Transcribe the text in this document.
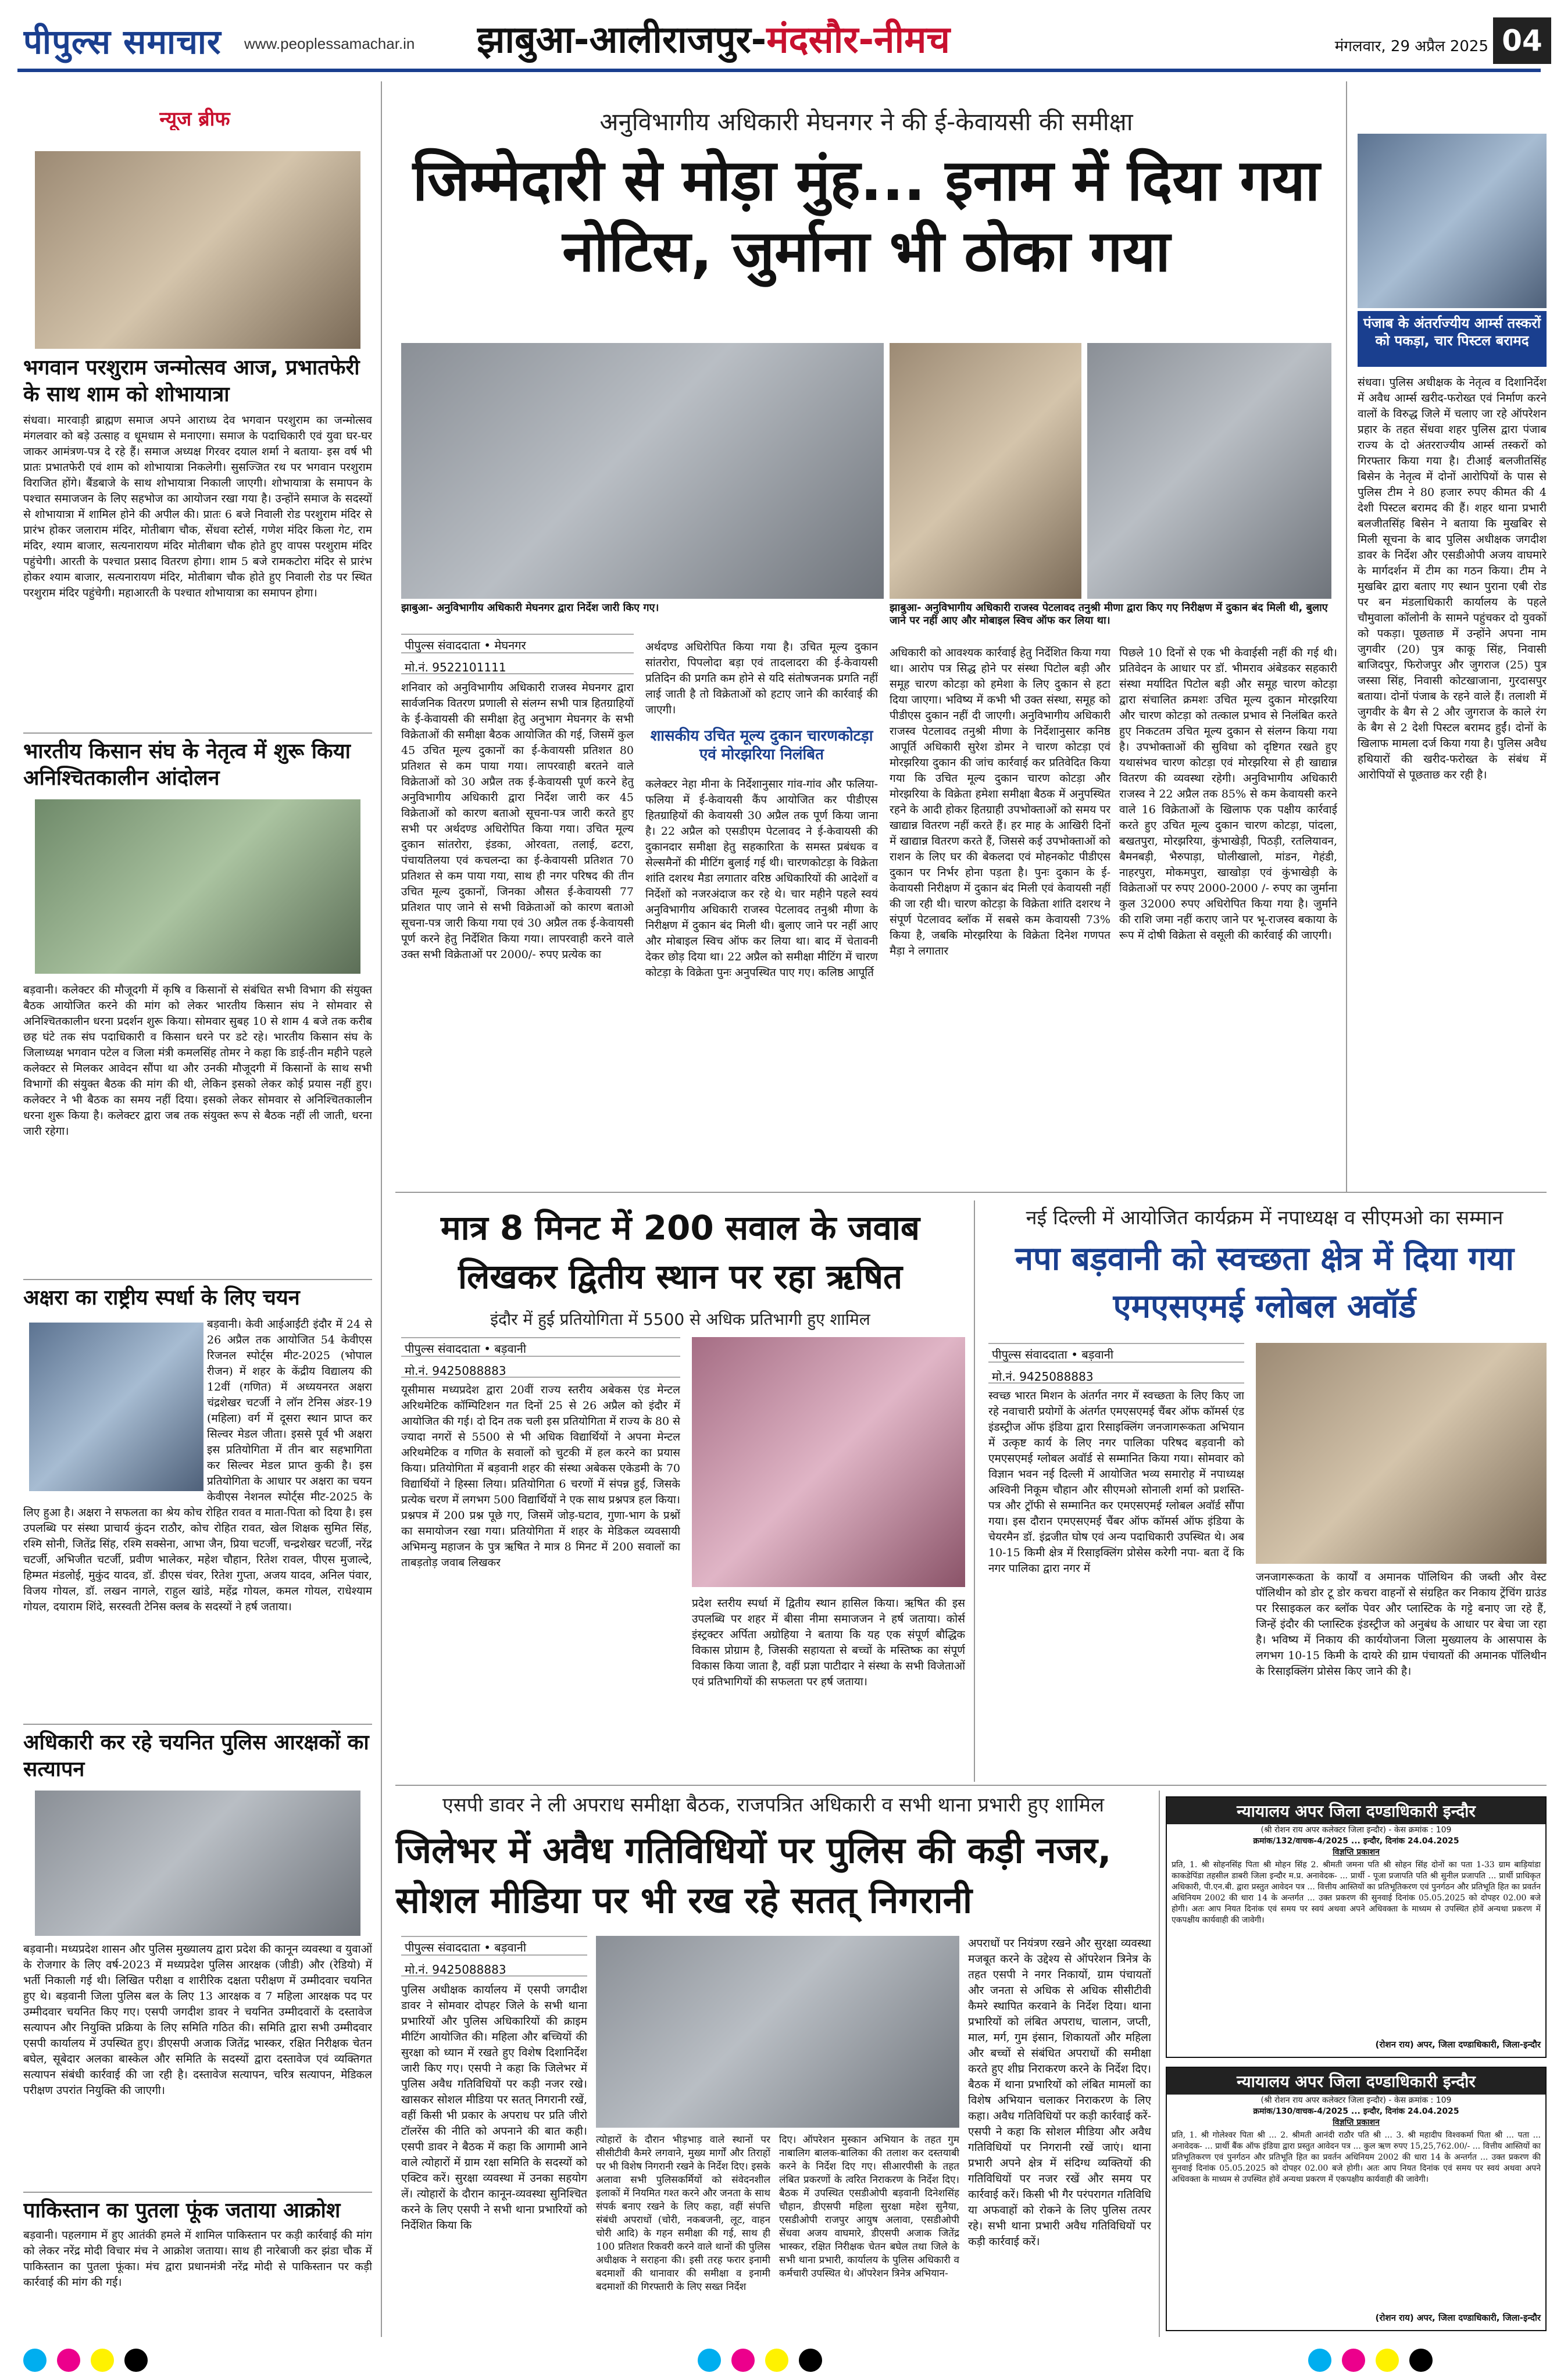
पीपुल्स समाचार	www.peoplessamachar.in झाबुआ-आलीराजपुर-मंदसौर-नीमच	मंगलवार, 29 अप्रैल 2025 04
न्यूज ब्रीफ
भगवान परशुराम जन्मोत्सव आज, प्रभातफेरी के साथ शाम को शोभायात्रा
संधवा। मारवाड़ी ब्राह्मण समाज अपने आराध्य देव भगवान परशुराम का जन्मोत्सव मंगलवार को बड़े उत्साह व धूमधाम से मनाएगा। समाज के पदाधिकारी एवं युवा घर-घर जाकर आमंत्रण-पत्र दे रहे हैं। समाज अध्यक्ष गिरवर दयाल शर्मा ने बताया- इस वर्ष भी प्रातः प्रभातफेरी एवं शाम को शोभायात्रा निकलेगी। सुसज्जित रथ पर भगवान परशुराम विराजित होंगे। बैंडबाजे के साथ शोभायात्रा निकाली जाएगी। शोभायात्रा के समापन के पश्चात समाजजन के लिए सहभोज का आयोजन रखा गया है। उन्होंने समाज के सदस्यों से शोभायात्रा में शामिल होने की अपील की। प्रातः 6 बजे निवाली रोड परशुराम मंदिर से प्रारंभ होकर जलाराम मंदिर, मोतीबाग चौक, सेंधवा स्टोर्स, गणेश मंदिर किला गेट, राम मंदिर, श्याम बाजार, सत्यनारायण मंदिर मोतीबाग चौक होते हुए वापस परशुराम मंदिर पहुंचेगी। आरती के पश्चात प्रसाद वितरण होगा। शाम 5 बजे रामकटोरा मंदिर से प्रारंभ होकर श्याम बाजार, सत्यनारायण मंदिर, मोतीबाग चौक होते हुए निवाली रोड पर स्थित परशुराम मंदिर पहुंचेगी। महाआरती के पश्चात शोभायात्रा का समापन होगा।
भारतीय किसान संघ के नेतृत्व में शुरू किया अनिश्चितकालीन आंदोलन
बड़वानी। कलेक्टर की मौजूदगी में कृषि व किसानों से संबंधित सभी विभाग की संयुक्त बैठक आयोजित करने की मांग को लेकर भारतीय किसान संघ ने सोमवार से अनिश्चितकालीन धरना प्रदर्शन शुरू किया। सोमवार सुबह 10 से शाम 4 बजे तक करीब छह घंटे तक संघ पदाधिकारी व किसान धरने पर डटे रहे। भारतीय किसान संघ के जिलाध्यक्ष भगवान पटेल व जिला मंत्री कमलसिंह तोमर ने कहा कि डाई-तीन महीने पहले कलेक्टर से मिलकर आवेदन सौंपा था और उनकी मौजूदगी में किसानों के साथ सभी विभागों की संयुक्त बैठक की मांग की थी, लेकिन इसको लेकर कोई प्रयास नहीं हुए। कलेक्टर ने भी बैठक का समय नहीं दिया। इसको लेकर सोमवार से अनिश्चितकालीन धरना शुरू किया है। कलेक्टर द्वारा जब तक संयुक्त रूप से बैठक नहीं ली जाती, धरना जारी रहेगा।
अक्षरा का राष्ट्रीय स्पर्धा के लिए चयन
बड़वानी। केवी आईआईटी इंदौर में 24 से 26 अप्रैल तक आयोजित 54 केवीएस रिजनल स्पोर्ट्स मीट-2025 (भोपाल रीजन) में शहर के केंद्रीय विद्यालय की 12वीं (गणित) में अध्ययनरत अक्षरा चंद्रशेखर चटर्जी ने लॉन टेनिस अंडर-19 (महिला) वर्ग में दूसरा स्थान प्राप्त कर सिल्वर मेडल जीता। इससे पूर्व भी अक्षरा इस प्रतियोगिता में तीन बार सहभागिता कर सिल्वर मेडल प्राप्त कुकी है। इस प्रतियोगिता के आधार पर अक्षरा का चयन केवीएस नेशनल स्पोर्ट्स मीट-2025 के लिए हुआ है। अक्षरा ने सफलता का श्रेय कोच रोहित रावत व माता-पिता को दिया है। इस उपलब्धि पर संस्था प्राचार्य कुंदन राठौर, कोच रोहित रावत, खेल शिक्षक सुमित सिंह, रश्मि सोनी, जितेंद्र सिंह, रश्मि सक्सेना, आभा जैन, प्रिया चटर्जी, चन्द्रशेखर चटर्जी, नरेंद्र चटर्जी, अभिजीत चटर्जी, प्रवीण भालेकर, महेश चौहान, रितेश रावल, पीएस मुजाल्दे, हिम्मत मंडलोई, मुकुंद यादव, डॉ. डीएस चंवर, रितेश गुप्ता, अजय यादव, अनिल पंवार, विजय गोयल, डॉ. लखन नागले, राहुल खांडे, महेंद्र गोयल, कमल गोयल, राधेश्याम गोयल, दयाराम शिंदे, सरस्वती टेनिस क्लब के सदस्यों ने हर्ष जताया।
अधिकारी कर रहे चयनित पुलिस आरक्षकों का सत्यापन
बड़वानी। मध्यप्रदेश शासन और पुलिस मुख्यालय द्वारा प्रदेश की कानून व्यवस्था व युवाओं के रोजगार के लिए वर्ष-2023 में मध्यप्रदेश पुलिस आरक्षक (जीडी) और (रेडियो) में भर्ती निकाली गई थी। लिखित परीक्षा व शारीरिक दक्षता परीक्षण में उम्मीदवार चयनित हुए थे। बड़वानी जिला पुलिस बल के लिए 13 आरक्षक व 7 महिला आरक्षक पद पर उम्मीदवार चयनित किए गए। एसपी जगदीश डावर ने चयनित उम्मीदवारों के दस्तावेज सत्यापन और नियुक्ति प्रक्रिया के लिए समिति गठित की। समिति द्वारा सभी उम्मीदवार एसपी कार्यालय में उपस्थित हुए। डीएसपी अजाक जितेंद्र भास्कर, रक्षित निरीक्षक चेतन बघेल, सूबेदार अलका बास्केल और समिति के सदस्यों द्वारा दस्तावेज एवं व्यक्तिगत सत्यापन संबंधी कार्रवाई की जा रही है। दस्तावेज सत्यापन, चरित्र सत्यापन, मेडिकल परीक्षण उपरांत नियुक्ति की जाएगी।
पाकिस्तान का पुतला फूंक जताया आक्रोश
बड़वानी। पहलगाम में हुए आतंकी हमले में शामिल पाकिस्तान पर कड़ी कार्रवाई की मांग को लेकर नरेंद्र मोदी विचार मंच ने आक्रोश जताया। साथ ही नारेबाजी कर झंडा चौक में पाकिस्तान का पुतला फूंका। मंच द्वारा प्रधानमंत्री नरेंद्र मोदी से पाकिस्तान पर कड़ी कार्रवाई की मांग की गई।
अनुविभागीय अधिकारी मेघनगर ने की ई-केवायसी की समीक्षा
जिम्मेदारी से मोड़ा मुंह... इनाम में दिया गया नोटिस, जुर्माना भी ठोका गया
झाबुआ- अनुविभागीय अधिकारी मेघनगर द्वारा निर्देश जारी किए गए।	झाबुआ- अनुविभागीय अधिकारी राजस्व पेटलावद तनुश्री मीणा द्वारा किए गए निरीक्षण में दुकान बंद मिली थी, बुलाए जाने पर नहीं आए और मोबाइल स्विच ऑफ कर लिया था।
पीपुल्स संवाददाता • मेघनगर
मो.नं. 9522101111
शनिवार को अनुविभागीय अधिकारी राजस्व मेघनगर द्वारा सार्वजनिक वितरण प्रणाली से संलग्न सभी पात्र हितग्राहियों के ई-केवायसी की समीक्षा हेतु अनुभाग मेघनगर के सभी विक्रेताओं की समीक्षा बैठक आयोजित की गई, जिसमें कुल 45 उचित मूल्य दुकानों का ई-केवायसी प्रतिशत 80 प्रतिशत से कम पाया गया। लापरवाही बरतने वाले विक्रेताओं को 30 अप्रैल तक ई-केवायसी पूर्ण करने हेतु अनुविभागीय अधिकारी द्वारा निर्देश जारी कर 45 विक्रेताओं को कारण बताओ सूचना-पत्र जारी करते हुए सभी पर अर्थदण्ड अधिरोपित किया गया। उचित मूल्य दुकान सांतरोरा, इंडका, ओरवता, तलाई, ढटरा, पंचायतिलया एवं कचलन्दा का ई-केवायसी प्रतिशत 70 प्रतिशत से कम पाया गया, साथ ही नगर परिषद की तीन उचित मूल्य दुकानों, जिनका औसत ई-केवायसी 77 प्रतिशत पाए जाने से सभी विक्रेताओं को कारण बताओ सूचना-पत्र जारी किया गया एवं 30 अप्रैल तक ई-केवायसी पूर्ण करने हेतु निर्देशित किया गया। लापरवाही करने वाले उक्त सभी विक्रेताओं पर 2000/- रुपए प्रत्येक का
अर्थदण्ड अधिरोपित किया गया है। उचित मूल्य दुकान सांतरोरा, पिपलोदा बड़ा एवं तादलादरा की ई-केवायसी प्रतिदिन की प्रगति कम होने से यदि संतोषजनक प्रगति नहीं लाई जाती है तो विक्रेताओं को हटाए जाने की कार्रवाई की जाएगी।
शासकीय उचित मूल्य दुकान चारणकोटड़ा एवं मोरझरिया निलंबित
कलेक्टर नेहा मीना के निर्देशानुसार गांव-गांव और फलिया-फलिया में ई-केवायसी कैंप आयोजित कर पीडीएस हितग्राहियों की केवायसी 30 अप्रैल तक पूर्ण किया जाना है। 22 अप्रैल को एसडीएम पेटलावद ने ई-केवायसी की दुकानदार समीक्षा हेतु सहकारिता के समस्त प्रबंधक व सेल्समैनों की मीटिंग बुलाई गई थी। चारणकोटड़ा के विक्रेता शांति दशरथ मैडा लगातार वरिष्ठ अधिकारियों की आदेशों व निर्देशों को नजरअंदाज कर रहे थे। चार महीने पहले स्वयं अनुविभागीय अधिकारी राजस्व पेटलावद तनुश्री मीणा के निरीक्षण में दुकान बंद मिली थी। बुलाए जाने पर नहीं आए और मोबाइल स्विच ऑफ कर लिया था। बाद में चेतावनी देकर छोड़ दिया था। 22 अप्रैल को समीक्षा मीटिंग में चारण कोटड़ा के विक्रेता पुनः अनुपस्थित पाए गए। कलिष्ठ आपूर्ति
अधिकारी को आवश्यक कार्रवाई हेतु निर्देशित किया गया था। आरोप पत्र सिद्ध होने पर संस्था पिटोल बड़ी और समूह चारण कोटड़ा को हमेशा के लिए दुकान से हटा दिया जाएगा। भविष्य में कभी भी उक्त संस्था, समूह को पीडीएस दुकान नहीं दी जाएगी। अनुविभागीय अधिकारी राजस्व पेटलावद तनुश्री मीणा के निर्देशानुसार कनिष्ठ आपूर्ति अधिकारी सुरेश डोमर ने चारण कोटड़ा एवं मोरझरिया दुकान की जांच कार्रवाई कर प्रतिवेदित किया गया कि उचित मूल्य दुकान चारण कोटड़ा और मोरझरिया के विक्रेता हमेशा समीक्षा बैठक में अनुपस्थित रहने के आदी होकर हितग्राही उपभोक्ताओं को समय पर खाद्यान्न वितरण नहीं करते हैं। हर माह के आखिरी दिनों में खाद्यान्न वितरण करते हैं, जिससे कई उपभोक्ताओं को राशन के लिए घर की बेकलदा एवं मोहनकोट पीडीएस दुकान पर निर्भर होना पड़ता है। पुनः दुकान के ई-केवायसी निरीक्षण में दुकान बंद मिली एवं केवायसी नहीं की जा रही थी। चारण कोटड़ा के विक्रेता शांति दशरथ ने संपूर्ण पेटलावद ब्लॉक में सबसे कम केवायसी 73% किया है, जबकि मोरझरिया के विक्रेता दिनेश गणपत मैड़ा ने लगातार
पिछले 10 दिनों से एक भी केवाईसी नहीं की गई थी। प्रतिवेदन के आधार पर डॉ. भीमराव अंबेडकर सहकारी संस्था मर्यादित पिटोल बड़ी और समूह चारण कोटड़ा द्वारा संचालित क्रमशः उचित मूल्य दुकान मोरझरिया और चारण कोटड़ा को तत्काल प्रभाव से निलंबित करते हुए निकटतम उचित मूल्य दुकान से संलग्न किया गया है। उपभोक्ताओं की सुविधा को दृष्टिगत रखते हुए यथासंभव चारण कोटड़ा एवं मोरझरिया से ही खाद्यान्न वितरण की व्यवस्था रहेगी। अनुविभागीय अधिकारी राजस्व ने 22 अप्रैल तक 85% से कम केवायसी करने वाले 16 विक्रेताओं के खिलाफ एक पक्षीय कार्रवाई करते हुए उचित मूल्य दुकान चारण कोटड़ा, पांदला, बखतपुरा, मोरझरिया, कुंभाखेड़ी, पिठड़ी, रतलियावन, बैमनबड़ी, भैरुपाड़ा, घोलीखालो, मांडन, गेहंडी, नाहरपुरा, मोकमपुरा, खाखोड़ा एवं कुंभाखेड़ी के विक्रेताओं पर रुपए 2000-2000 /- रुपए का जुर्माना कुल 32000 रुपए अधिरोपित किया गया है। जुर्माने की राशि जमा नहीं कराए जाने पर भू-राजस्व बकाया के रूप में दोषी विक्रेता से वसूली की कार्रवाई की जाएगी।
पंजाब के अंतर्राज्यीय आर्म्स तस्करों को पकड़ा, चार पिस्टल बरामद
संधवा। पुलिस अधीक्षक के नेतृत्व व दिशानिर्देश में अवैध आर्म्स खरीद-फरोख्त एवं निर्माण करने वालों के विरुद्ध जिले में चलाए जा रहे ऑपरेशन प्रहार के तहत सेंधवा शहर पुलिस द्वारा पंजाब राज्य के दो अंतरराज्यीय आर्म्स तस्करों को गिरफ्तार किया गया है। टीआई बलजीतसिंह बिसेन के नेतृत्व में दोनों आरोपियों के पास से पुलिस टीम ने 80 हजार रुपए कीमत की 4 देशी पिस्टल बरामद की हैं। शहर थाना प्रभारी बलजीतसिंह बिसेन ने बताया कि मुखबिर से मिली सूचना के बाद पुलिस अधीक्षक जगदीश डावर के निर्देश और एसडीओपी अजय वाघमारे के मार्गदर्शन में टीम का गठन किया। टीम ने मुखबिर द्वारा बताए गए स्थान पुराना एबी रोड पर बन मंडलाधिकारी कार्यालय के पहले चौमुवाला कॉलोनी के सामने पहुंचकर दो युवकों को पकड़ा। पूछताछ में उन्होंने अपना नाम जुगवीर (20) पुत्र काकू सिंह, निवासी बाजिदपुर, फिरोजपुर और जुगराज (25) पुत्र जस्सा सिंह, निवासी कोटखाजाना, गुरदासपुर बताया। दोनों पंजाब के रहने वाले हैं। तलाशी में जुगवीर के बैग से 2 और जुगराज के काले रंग के बैग से 2 देशी पिस्टल बरामद हुईं। दोनों के खिलाफ मामला दर्ज किया गया है। पुलिस अवैध हथियारों की खरीद-फरोख्त के संबंध में आरोपियों से पूछताछ कर रही है।
मात्र 8 मिनट में 200 सवाल के जवाब लिखकर द्वितीय स्थान पर रहा ऋषित
इंदौर में हुई प्रतियोगिता में 5500 से अधिक प्रतिभागी हुए शामिल
पीपुल्स संवाददाता • बड़वानी
मो.नं. 9425088883
यूसीमास मध्यप्रदेश द्वारा 20वीं राज्य स्तरीय अबेकस एंड मेन्टल अरिथमेटिक कॉम्पिटिशन गत दिनों 25 से 26 अप्रैल को इंदौर में आयोजित की गई। दो दिन तक चली इस प्रतियोगिता में राज्य के 80 से ज्यादा नगरों से 5500 से भी अधिक विद्यार्थियों ने अपना मेन्टल अरिथमेटिक व गणित के सवालों को चुटकी में हल करने का प्रयास किया। प्रतियोगिता में बड़वानी शहर की संस्था अबेकस एकेडमी के 70 विद्यार्थियों ने हिस्सा लिया। प्रतियोगिता 6 चरणों में संपन्न हुई, जिसके प्रत्येक चरण में लगभग 500 विद्यार्थियों ने एक साथ प्रश्नपत्र हल किया। प्रश्नपत्र में 200 प्रश्न पूछे गए, जिसमें जोड़-घटाव, गुणा-भाग के प्रश्नों का समायोजन रखा गया। प्रतियोगिता में शहर के मेडिकल व्यवसायी अभिमन्यु महाजन के पुत्र ऋषित ने मात्र 8 मिनट में 200 सवालों का ताबड़तोड़ जवाब लिखकर
प्रदेश स्तरीय स्पर्धा में द्वितीय स्थान हासिल किया। ऋषित की इस उपलब्धि पर शहर में बीसा नीमा समाजजन ने हर्ष जताया। कोर्स इंस्ट्रक्टर अर्पिता अग्रोहिया ने बताया कि यह एक संपूर्ण बौद्धिक विकास प्रोग्राम है, जिसकी सहायता से बच्चों के मस्तिष्क का संपूर्ण विकास किया जाता है, वहीं प्रज्ञा पाटीदार ने संस्था के सभी विजेताओं एवं प्रतिभागियों की सफलता पर हर्ष जताया।
नई दिल्ली में आयोजित कार्यक्रम में नपाध्यक्ष व सीएमओ का सम्मान
नपा बड़वानी को स्वच्छता क्षेत्र में दिया गया एमएसएमई ग्लोबल अवॉर्ड
पीपुल्स संवाददाता • बड़वानी
मो.नं. 9425088883
स्वच्छ भारत मिशन के अंतर्गत नगर में स्वच्छता के लिए किए जा रहे नवाचारी प्रयोगों के अंतर्गत एमएसएमई चैंबर ऑफ कॉमर्स एंड इंडस्ट्रीज ऑफ इंडिया द्वारा रिसाइक्लिंग जनजागरूकता अभियान में उत्कृष्ट कार्य के लिए नगर पालिका परिषद बड़वानी को एमएसएमई ग्लोबल अवॉर्ड से सम्मानित किया गया। सोमवार को विज्ञान भवन नई दिल्ली में आयोजित भव्य समारोह में नपाध्यक्ष अश्विनी निकूम चौहान और सीएमओ सोनाली शर्मा को प्रशस्ति-पत्र और ट्रॉफी से सम्मानित कर एमएसएमई ग्लोबल अवॉर्ड सौंपा गया। इस दौरान एमएसएमई चैंबर ऑफ कॉमर्स ऑफ इंडिया के चेयरमैन डॉ. इंद्रजीत घोष एवं अन्य पदाधिकारी उपस्थित थे। अब 10-15 किमी क्षेत्र में रिसाइक्लिंग प्रोसेस करेगी नपा- बता दें कि नगर पालिका द्वारा नगर में
जनजागरूकता के कार्यों व अमानक पॉलिथिन की जब्ती और वेस्ट पॉलिथीन को डोर टू डोर कचरा वाहनों से संग्रहित कर निकाय ट्रेंचिंग ग्राउंड पर रिसाइकल कर ब्लॉक पेवर और प्लास्टिक के गट्टे बनाए जा रहे हैं, जिन्हें इंदौर की प्लास्टिक इंडस्ट्रीज को अनुबंध के आधार पर बेचा जा रहा है। भविष्य में निकाय की कार्ययोजना जिला मुख्यालय के आसपास के लगभग 10-15 किमी के दायरे की ग्राम पंचायतों की अमानक पॉलिथीन के रिसाइक्लिंग प्रोसेस किए जाने की है।
एसपी डावर ने ली अपराध समीक्षा बैठक, राजपत्रित अधिकारी व सभी थाना प्रभारी हुए शामिल
जिलेभर में अवैध गतिविधियों पर पुलिस की कड़ी नजर, सोशल मीडिया पर भी रख रहे सतत् निगरानी
पीपुल्स संवाददाता • बड़वानी
मो.नं. 9425088883
पुलिस अधीक्षक कार्यालय में एसपी जगदीश डावर ने सोमवार दोपहर जिले के सभी थाना प्रभारियों और पुलिस अधिकारियों की क्राइम मीटिंग आयोजित की। महिला और बच्चियों की सुरक्षा को ध्यान में रखते हुए विशेष दिशानिर्देश जारी किए गए। एसपी ने कहा कि जिलेभर में पुलिस अवैध गतिविधियों पर कड़ी नजर रखे। खासकर सोशल मीडिया पर सतत् निगरानी रखें, वहीं किसी भी प्रकार के अपराध पर प्रति जीरो टॉलरेंस की नीति को अपनाने की बात कही। एसपी डावर ने बैठक में कहा कि आगामी आने वाले त्योहारों में ग्राम रक्षा समिति के सदस्यों को एक्टिव करें। सुरक्षा व्यवस्था में उनका सहयोग लें। त्योहारों के दौरान कानून-व्यवस्था सुनिश्चित करने के लिए एसपी ने सभी थाना प्रभारियों को निर्देशित किया कि
त्योहारों के दौरान भीड़भाड़ वाले स्थानों पर सीसीटीवी कैमरे लगवाने, मुख्य मार्गों और तिराहों पर भी विशेष निगरानी रखने के निर्देश दिए। इसके अलावा सभी पुलिसकर्मियों को संवेदनशील इलाकों में नियमित गश्त करने और जनता के साथ संपर्क बनाए रखने के लिए कहा, वहीं संपत्ति संबंधी अपराधों (चोरी, नकबजनी, लूट, वाहन चोरी आदि) के गहन समीक्षा की गई, साथ ही 100 प्रतिशत रिकवरी करने वाले थानों की पुलिस अधीक्षक ने सराहना की। इसी तरह फरार इनामी बदमाशों की थानावार की समीक्षा व इनामी बदमाशों की गिरफ्तारी के लिए सख्त निर्देश
दिए। ऑपरेशन मुस्कान अभियान के तहत गुम नाबालिग बालक-बालिका की तलाश कर दस्तयाबी करने के निर्देश दिए गए। सीआरपीसी के तहत लंबित प्रकरणों के त्वरित निराकरण के निर्देश दिए। बैठक में उपस्थित एसडीओपी बड़वानी दिनेशसिंह चौहान, डीएसपी महिला सुरक्षा महेश सुनैया, एसडीओपी राजपुर आयुष अलावा, एसडीओपी सेंधवा अजय वाघमारे, डीएसपी अजाक जितेंद्र भास्कर, रक्षित निरीक्षक चेतन बघेल तथा जिले के सभी थाना प्रभारी, कार्यालय के पुलिस अधिकारी व कर्मचारी उपस्थित थे। ऑपरेशन त्रिनेत्र अभियान-
अपराधों पर नियंत्रण रखने और सुरक्षा व्यवस्था मजबूत करने के उद्देश्य से ऑपरेशन त्रिनेत्र के तहत एसपी ने नगर निकायों, ग्राम पंचायतों और जनता से अधिक से अधिक सीसीटीवी कैमरे स्थापित करवाने के निर्देश दिया। थाना प्रभारियों को लंबित अपराध, चालान, जप्ती, माल, मर्ग, गुम इंसान, शिकायतों और महिला और बच्चों से संबंधित अपराधों की समीक्षा करते हुए शीघ्र निराकरण करने के निर्देश दिए। बैठक में थाना प्रभारियों को लंबित मामलों का विशेष अभियान चलाकर निराकरण के लिए कहा। अवैध गतिविधियों पर कड़ी कार्रवाई करें- एसपी ने कहा कि सोशल मीडिया और अवैध गतिविधियों पर निगरानी रखें जाएं। थाना प्रभारी अपने क्षेत्र में संदिग्ध व्यक्तियों की गतिविधियों पर नजर रखें और समय पर कार्रवाई करें। किसी भी गैर परंपरागत गतिविधि या अफवाहों को रोकने के लिए पुलिस तत्पर रहे। सभी थाना प्रभारी अवैध गतिविधियों पर कड़ी कार्रवाई करें।
न्यायालय अपर जिला दण्डाधिकारी इन्दौर
(श्री रोशन राय अपर कलेक्टर जिला इन्दौर) - केस क्रमांक : 109
क्रमांक/132/वाचक-4/2025 ... इन्दौर, दिनांक 24.04.2025
विज्ञप्ति प्रकाशन
प्रति, 1. श्री सोहनसिंह पिता श्री मोहन सिंह 2. श्रीमती जमना पति श्री सोहन सिंह दोनों का पता 1-33 ग्राम बाड़ियांडा काकडेपिंडा तहसील डाबरी जिला इन्दौर म.प्र. अनावेदक- ... प्रार्थी - पूजा प्रजापति पति श्री सुनील प्रजापति ... प्रार्थी प्राधिकृत अधिकारी, पी.एन.बी. द्वारा प्रस्तुत आवेदन पत्र ... वित्तीय आस्तियों का प्रतिभूतिकरण एवं पुनर्गठन और प्रतिभूति हित का प्रवर्तन अधिनियम 2002 की धारा 14 के अन्तर्गत ... उक्त प्रकरण की सुनवाई दिनांक 05.05.2025 को दोपहर 02.00 बजे होगी। अतः आप नियत दिनांक एवं समय पर स्वयं अथवा अपने अधिवक्ता के माध्यम से उपस्थित होवें अन्यथा प्रकरण में एकपक्षीय कार्यवाही की जावेगी।
(रोशन राय) अपर, जिला दण्डाधिकारी, जिला-इन्दौर
न्यायालय अपर जिला दण्डाधिकारी इन्दौर
(श्री रोशन राय अपर कलेक्टर जिला इन्दौर) - केस क्रमांक : 109
क्रमांक/130/वाचक-4/2025 ... इन्दौर, दिनांक 24.04.2025
विज्ञप्ति प्रकाशन
प्रति, 1. श्री गोलेश्वर पिता श्री ... 2. श्रीमती आनंदी राठौर पति श्री ... 3. श्री महादीप विश्वकर्मा पिता श्री ... पता ... अनावेदक- ... प्रार्थी बैंक ऑफ इंडिया द्वारा प्रस्तुत आवेदन पत्र ... कुल ऋण रुपए 15,25,762.00/- ... वित्तीय आस्तियों का प्रतिभूतिकरण एवं पुनर्गठन और प्रतिभूति हित का प्रवर्तन अधिनियम 2002 की धारा 14 के अन्तर्गत ... उक्त प्रकरण की सुनवाई दिनांक 05.05.2025 को दोपहर 02.00 बजे होगी। अतः आप नियत दिनांक एवं समय पर स्वयं अथवा अपने अधिवक्ता के माध्यम से उपस्थित होवें अन्यथा प्रकरण में एकपक्षीय कार्यवाही की जावेगी।
(रोशन राय) अपर, जिला दण्डाधिकारी, जिला-इन्दौर
